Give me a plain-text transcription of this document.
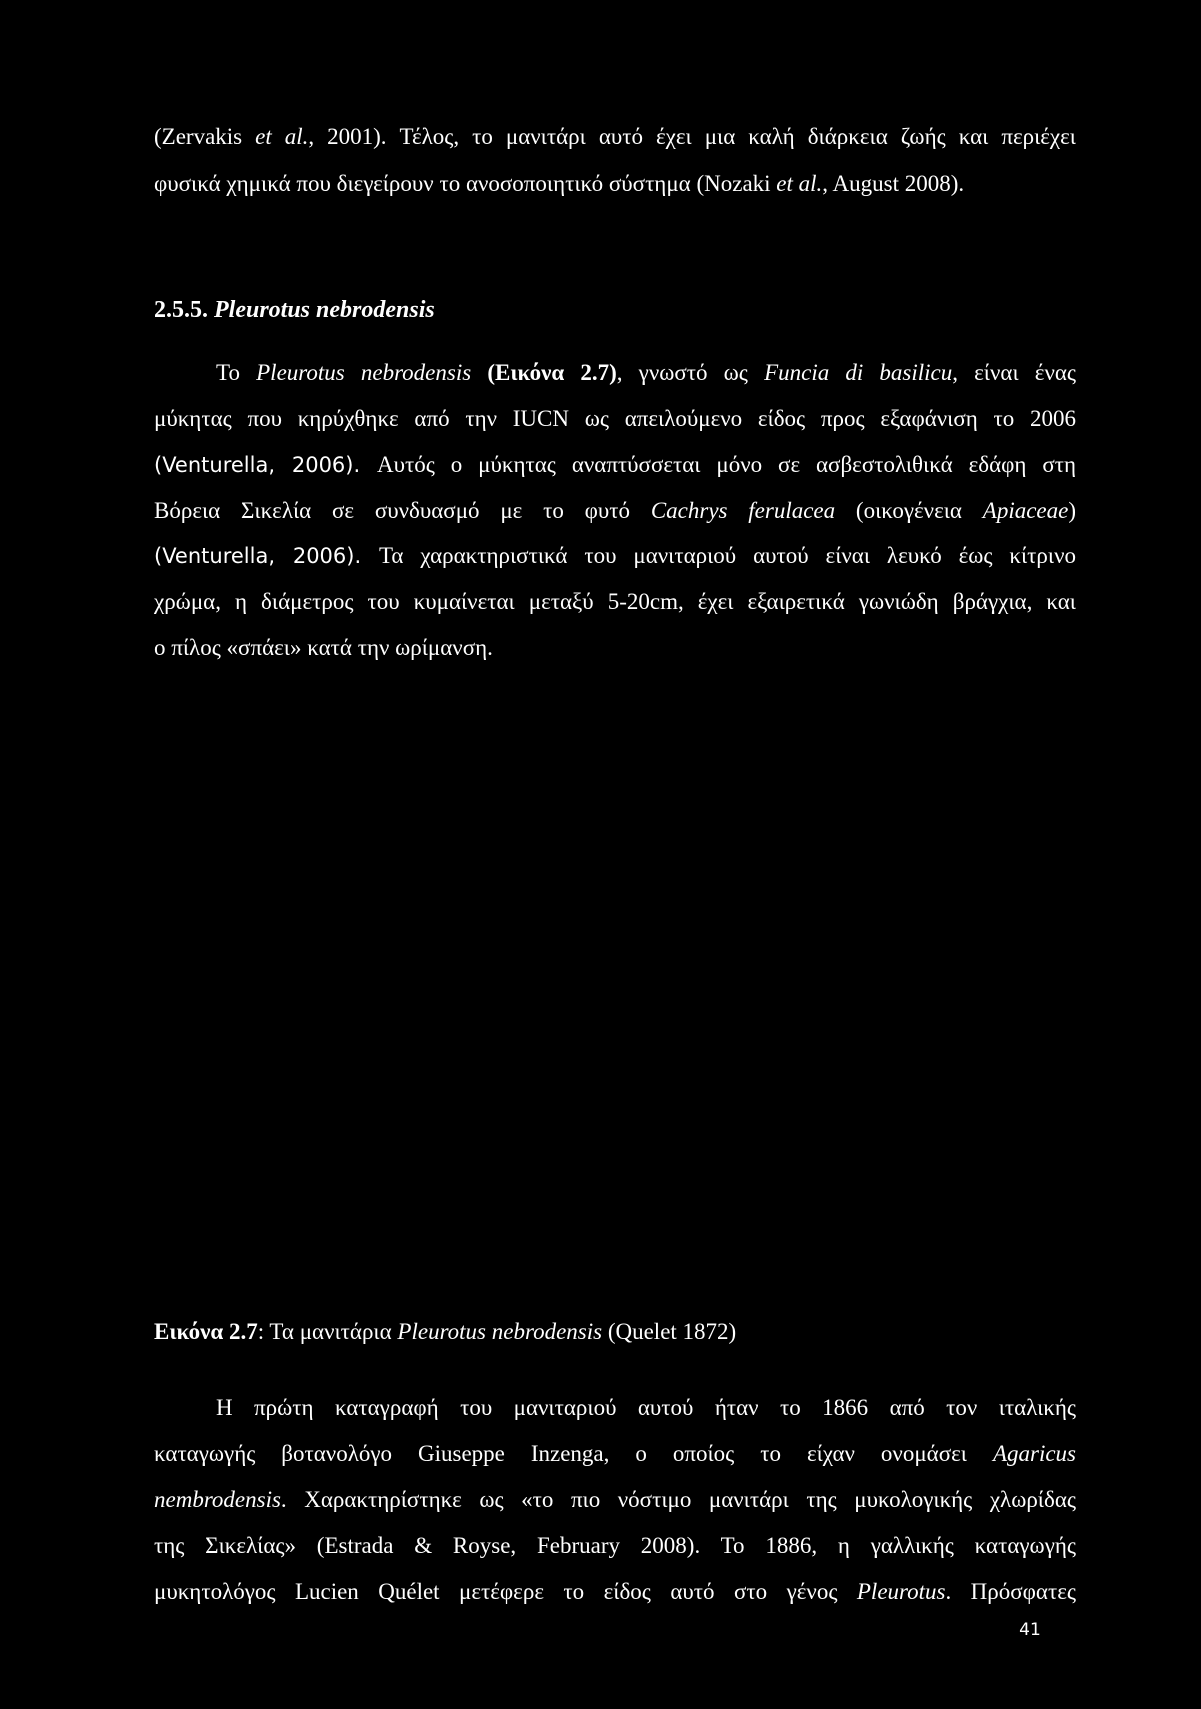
(Zervakis et al., 2001). Τέλος, το μανιτάρι αυτό έχει μια καλή διάρκεια ζωής και περιέχει
φυσικά χημικά που διεγείρουν το ανοσοποιητικό σύστημα (Nozaki et al., August 2008).
2.5.5. Pleurotus nebrodensis
Το Pleurotus nebrodensis (Εικόνα 2.7), γνωστό ως Funcia di basilicu, είναι ένας
μύκητας που κηρύχθηκε από την IUCN ως απειλούμενο είδος προς εξαφάνιση το 2006
(Venturella, 2006). Αυτός ο μύκητας αναπτύσσεται μόνο σε ασβεστολιθικά εδάφη στη
Βόρεια Σικελία σε συνδυασμό με το φυτό Cachrys ferulacea (οικογένεια Apiaceae)
(Venturella, 2006). Τα χαρακτηριστικά του μανιταριού αυτού είναι λευκό έως κίτρινο
χρώμα, η διάμετρος του κυμαίνεται μεταξύ 5-20cm, έχει εξαιρετικά γωνιώδη βράγχια, και
ο πίλος «σπάει» κατά την ωρίμανση.
Εικόνα 2.7: Τα μανιτάρια Pleurotus nebrodensis (Quelet 1872)
Η πρώτη καταγραφή του μανιταριού αυτού ήταν το 1866 από τον ιταλικής
καταγωγής βοτανολόγο Giuseppe Inzenga, ο οποίος το είχαν ονομάσει Agaricus
nembrodensis. Χαρακτηρίστηκε ως «το πιο νόστιμο μανιτάρι της μυκολογικής χλωρίδας
της Σικελίας» (Estrada & Royse, February 2008). Το 1886, η γαλλικής καταγωγής
μυκητολόγος Lucien Quélet μετέφερε το είδος αυτό στο γένος Pleurotus. Πρόσφατες
41
